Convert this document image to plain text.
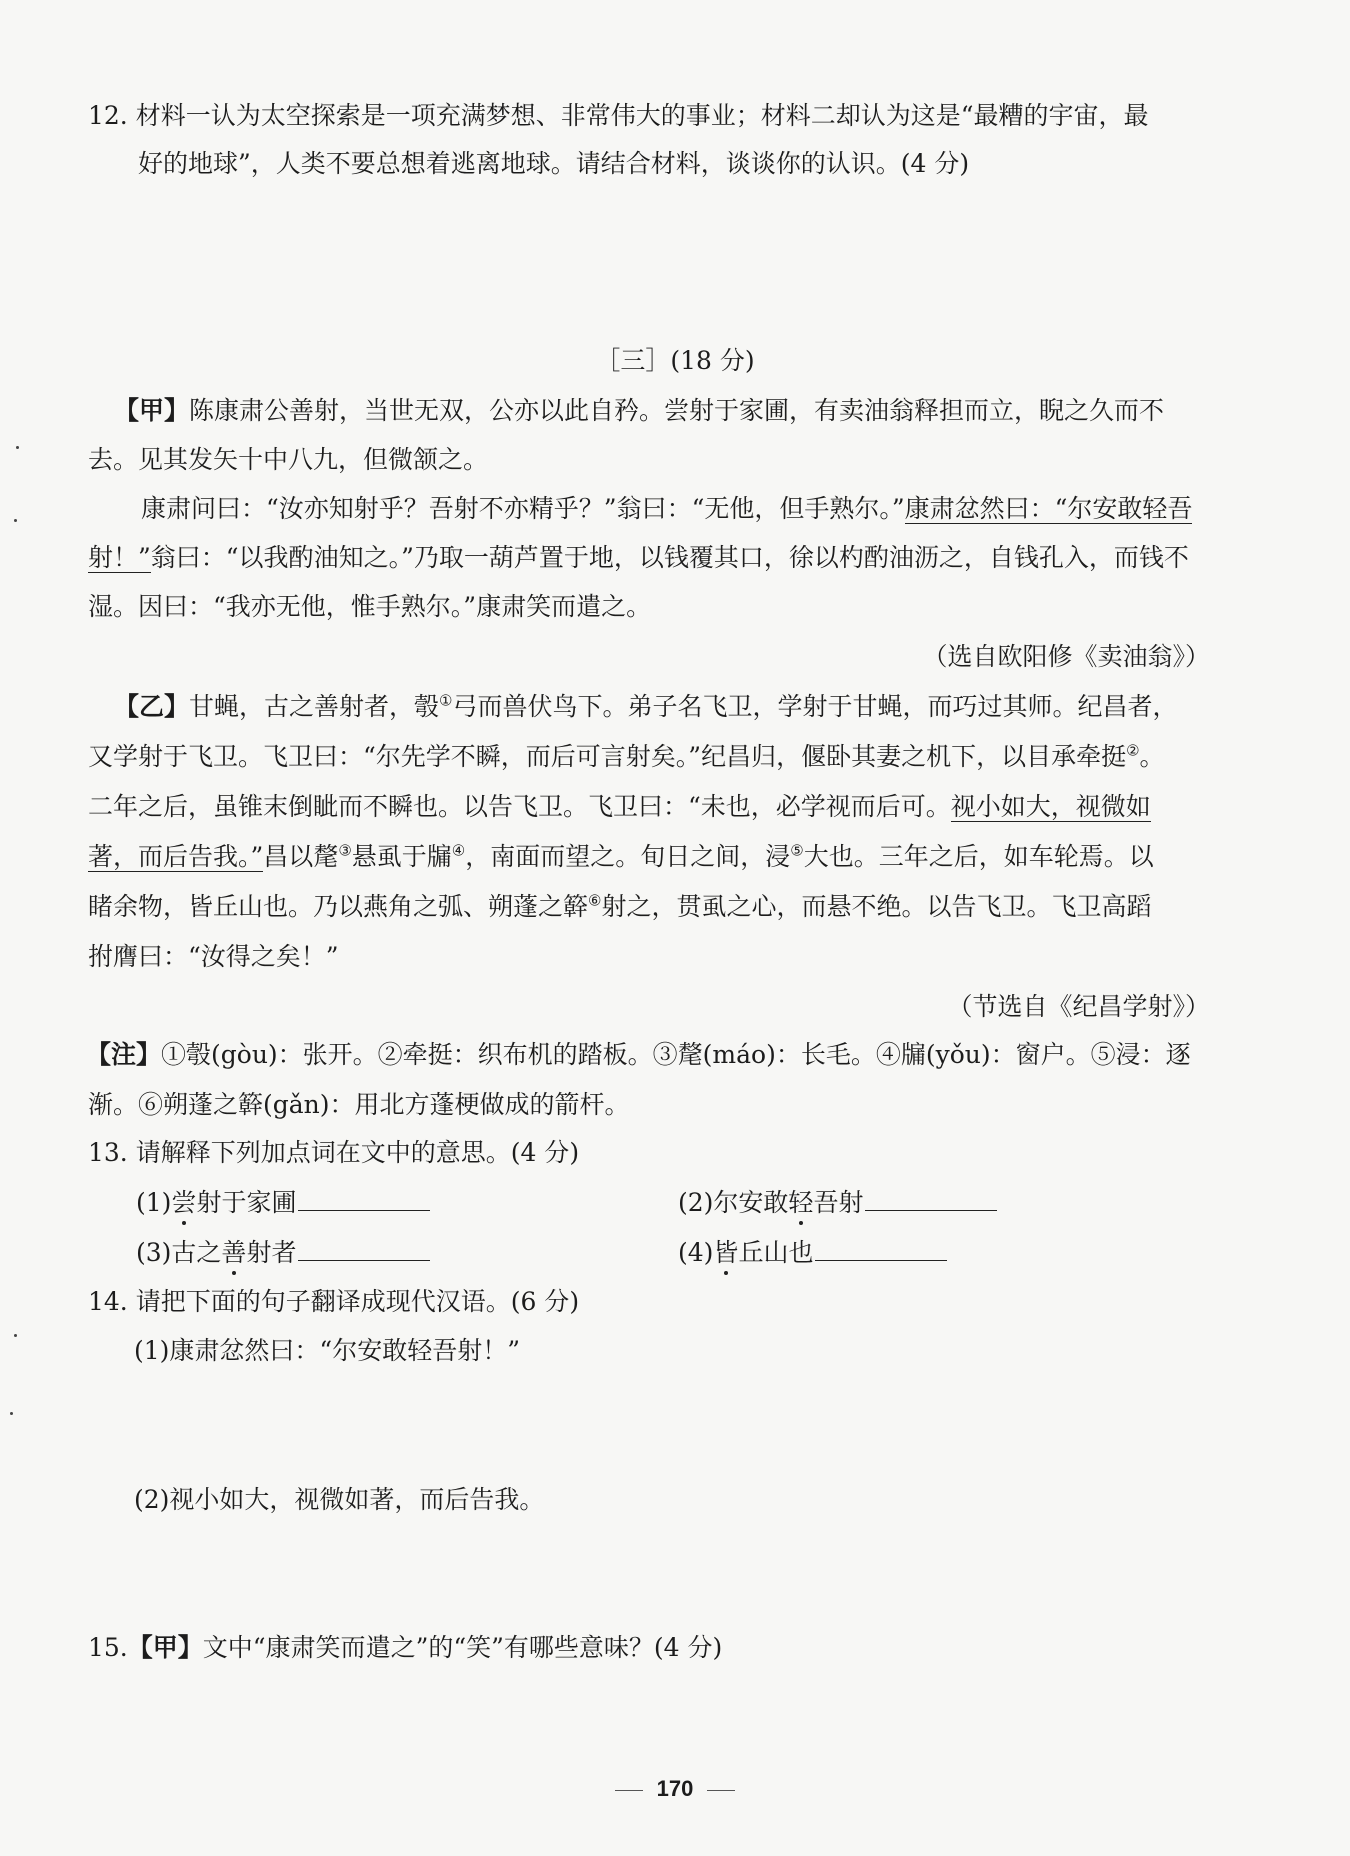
12. 材料一认为太空探索是一项充满梦想、非常伟大的事业；材料二却认为这是“最糟的宇宙，最
好的地球”，人类不要总想着逃离地球。请结合材料，谈谈你的认识。(4 分)
［三］(18 分)
【甲】陈康肃公善射，当世无双，公亦以此自矜。尝射于家圃，有卖油翁释担而立，睨之久而不
去。见其发矢十中八九，但微颔之。
康肃问曰：“汝亦知射乎？吾射不亦精乎？”翁曰：“无他，但手熟尔。”康肃忿然曰：“尔安敢轻吾
射！”翁曰：“以我酌油知之。”乃取一葫芦置于地，以钱覆其口，徐以杓酌油沥之，自钱孔入，而钱不
湿。因曰：“我亦无他，惟手熟尔。”康肃笑而遣之。
（选自欧阳修《卖油翁》）
【乙】甘蝇，古之善射者，彀①弓而兽伏鸟下。弟子名飞卫，学射于甘蝇，而巧过其师。纪昌者，
又学射于飞卫。飞卫曰：“尔先学不瞬，而后可言射矣。”纪昌归，偃卧其妻之机下，以目承牵挺②。
二年之后，虽锥末倒眦而不瞬也。以告飞卫。飞卫曰：“未也，必学视而后可。视小如大，视微如
著，而后告我。”昌以氂③悬虱于牖④，南面而望之。旬日之间，浸⑤大也。三年之后，如车轮焉。以
睹余物，皆丘山也。乃以燕角之弧、朔蓬之簳⑥射之，贯虱之心，而悬不绝。以告飞卫。飞卫高蹈
拊膺曰：“汝得之矣！”
（节选自《纪昌学射》）
【注】①彀(gòu)：张开。②牵挺：织布机的踏板。③氂(máo)：长毛。④牖(yǒu)：窗户。⑤浸：逐
渐。⑥朔蓬之簳(gǎn)：用北方蓬梗做成的箭杆。
13. 请解释下列加点词在文中的意思。(4 分)
(1)尝射于家圃	(2)尔安敢轻吾射
(3)古之善射者	(4)皆丘山也
14. 请把下面的句子翻译成现代汉语。(6 分)
(1)康肃忿然曰：“尔安敢轻吾射！”
(2)视小如大，视微如著，而后告我。
15.【甲】文中“康肃笑而遣之”的“笑”有哪些意味？(4 分)
170
